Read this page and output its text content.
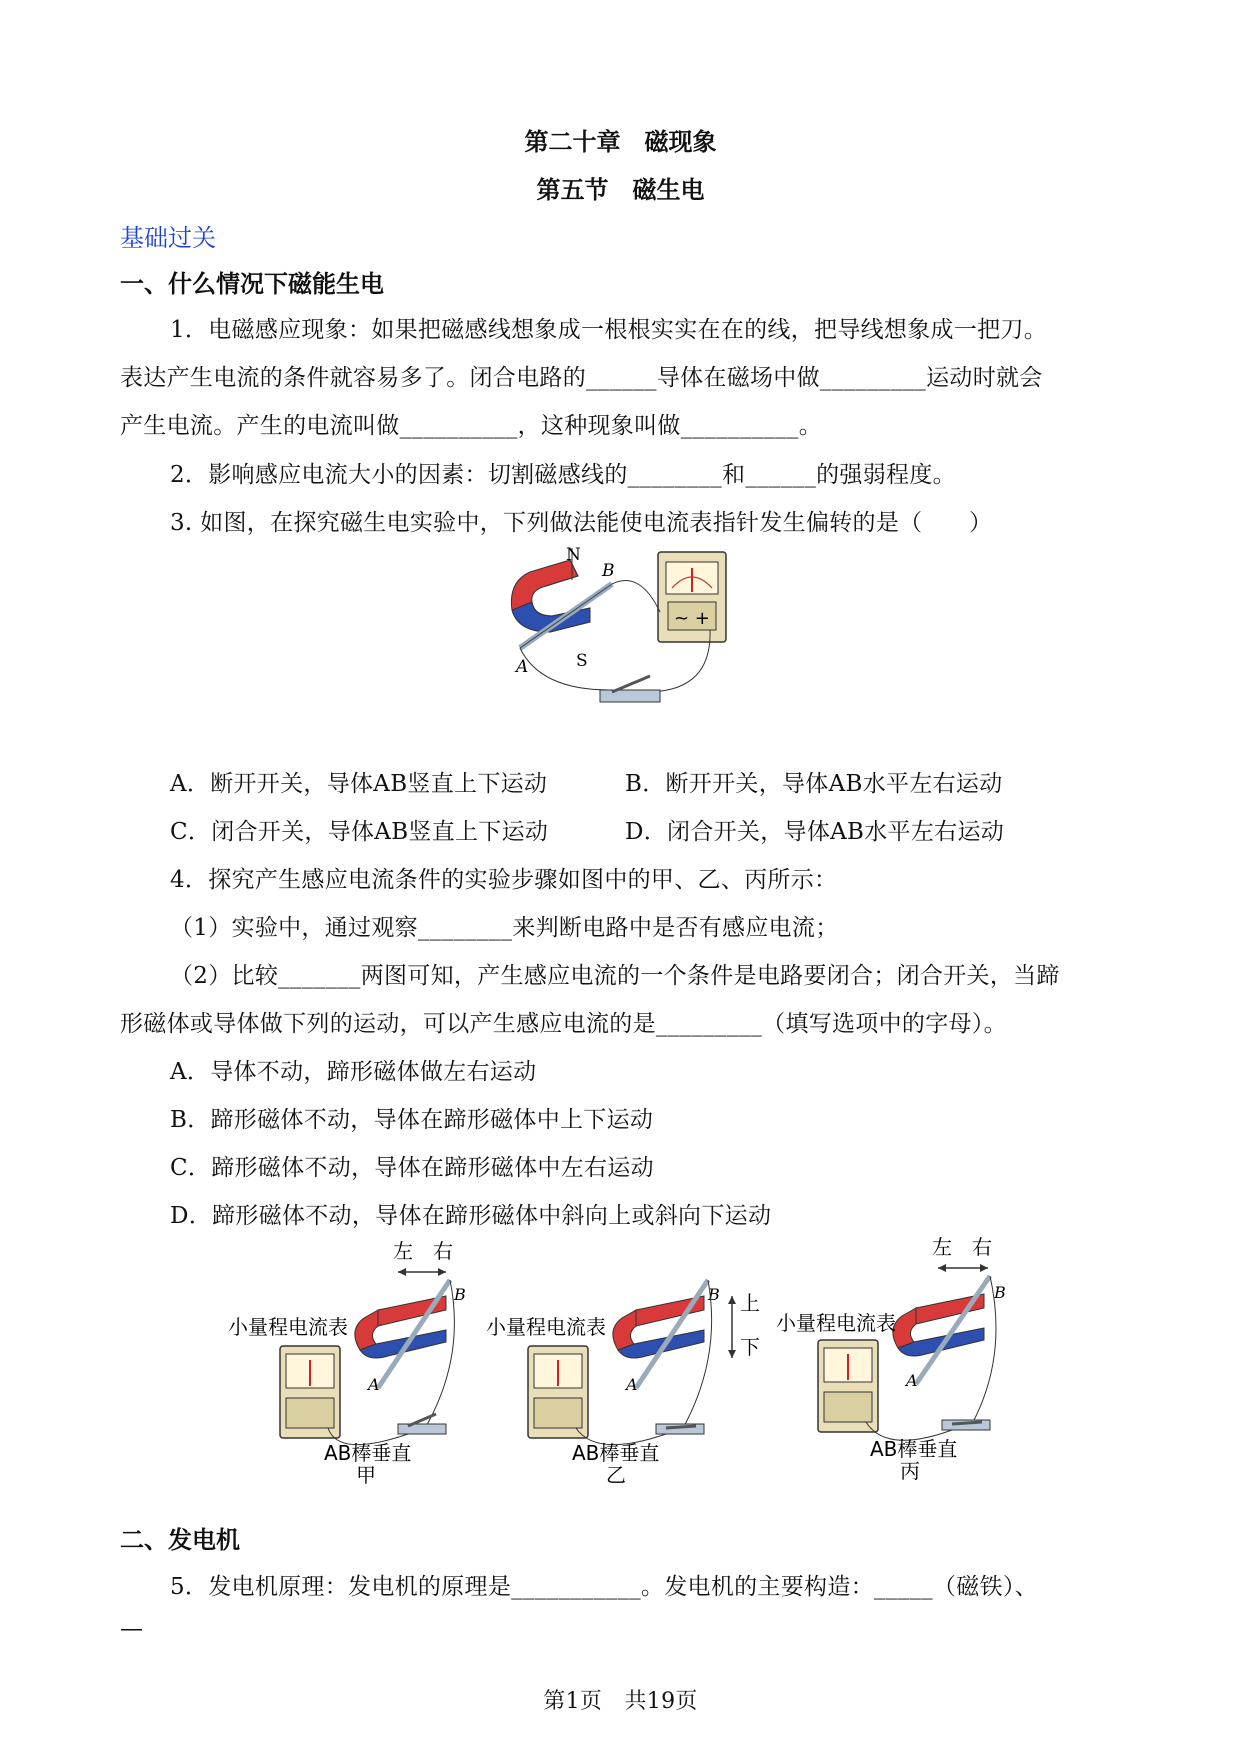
第二十章　磁现象
第五节　磁生电
基础过关
一、什么情况下磁能生电
1．电磁感应现象：如果把磁感线想象成一根根实实在在的线，把导线想象成一把刀。
表达产生电流的条件就容易多了。闭合电路的______导体在磁场中做_________运动时就会
产生电流。产生的电流叫做__________，这种现象叫做__________。
2．影响感应电流大小的因素：切割磁感线的________和______的强弱程度。
3. 如图，在探究磁生电实验中，下列做法能使电流表指针发生偏转的是（　　）
~ +
N
B
A	S
A．断开开关，导体AB竖直上下运动	B．断开开关，导体AB水平左右运动
C．闭合开关，导体AB竖直上下运动	D．闭合开关，导体AB水平左右运动
4．探究产生感应电流条件的实验步骤如图中的甲、乙、丙所示：
（1）实验中，通过观察________来判断电路中是否有感应电流；
（2）比较_______两图可知，产生感应电流的一个条件是电路要闭合；闭合开关，当蹄
形磁体或导体做下列的运动，可以产生感应电流的是_________（填写选项中的字母）。
A．导体不动，蹄形磁体做左右运动
B．蹄形磁体不动，导体在蹄形磁体中上下运动
C．蹄形磁体不动，导体在蹄形磁体中左右运动
D．蹄形磁体不动，导体在蹄形磁体中斜向上或斜向下运动
左　右
B
A
小量程电流表
AB棒垂直
甲
B
A
上
下
小量程电流表
AB棒垂直
乙
左　右
B
A
小量程电流表
AB棒垂直
丙
二、发电机
5．发电机原理：发电机的原理是___________。发电机的主要构造：_____（磁铁）、
—
第1页　共19页
